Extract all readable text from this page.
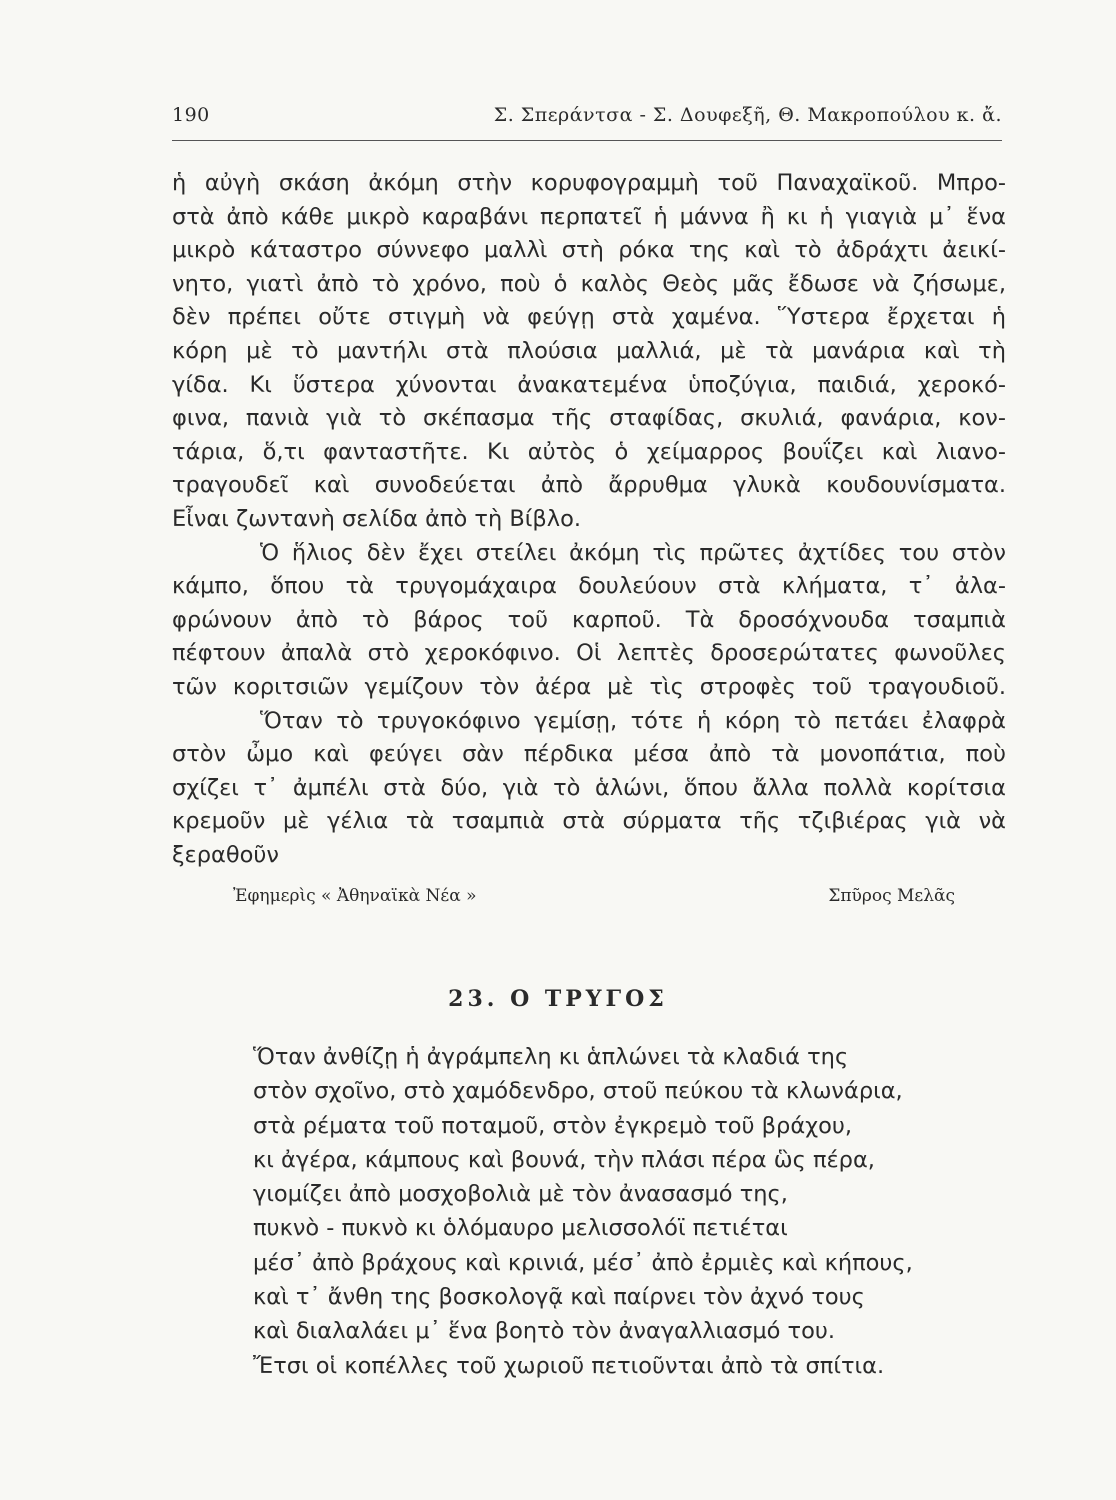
190	Σ. Σπεράντσα - Σ. Δουφεξῆ, Θ. Μακροπούλου κ. ἄ.
ἡ αὐγὴ σκάση ἀκόμη στὴν κορυφογραμμὴ τοῦ Παναχαϊκοῦ. Μπρο-
στὰ ἀπὸ κάθε μικρὸ καραβάνι περπατεῖ ἡ μάννα ἢ κι ἡ γιαγιὰ μ᾿ ἕνα
μικρὸ κάταστρο σύννεφο μαλλὶ στὴ ρόκα της καὶ τὸ ἀδράχτι ἀεικί-
νητο, γιατὶ ἀπὸ τὸ χρόνο, ποὺ ὁ καλὸς Θεὸς μᾶς ἔδωσε νὰ ζήσωμε,
δὲν πρέπει οὔτε στιγμὴ νὰ φεύγῃ στὰ χαμένα. Ὕστερα ἔρχεται ἡ
κόρη μὲ τὸ μαντήλι στὰ πλούσια μαλλιά, μὲ τὰ μανάρια καὶ τὴ
γίδα. Κι ὕστερα χύνονται ἀνακατεμένα ὑποζύγια, παιδιά, χεροκό-
φινα, πανιὰ γιὰ τὸ σκέπασμα τῆς σταφίδας, σκυλιά, φανάρια, κον-
τάρια, ὅ,τι φανταστῆτε. Κι αὐτὸς ὁ χείμαρρος βουΐζει καὶ λιανο-
τραγουδεῖ καὶ συνοδεύεται ἀπὸ ἄρρυθμα γλυκὰ κουδουνίσματα.
Εἶναι ζωντανὴ σελίδα ἀπὸ τὴ Βίβλο.
Ὁ ἥλιος δὲν ἔχει στείλει ἀκόμη τὶς πρῶτες ἀχτίδες του στὸν
κάμπο, ὅπου τὰ τρυγομάχαιρα δουλεύουν στὰ κλήματα, τ᾿ ἀλα-
φρώνουν ἀπὸ τὸ βάρος τοῦ καρποῦ. Τὰ δροσόχνουδα τσαμπιὰ
πέφτουν ἀπαλὰ στὸ χεροκόφινο. Οἱ λεπτὲς δροσερώτατες φωνοῦλες
τῶν κοριτσιῶν γεμίζουν τὸν ἀέρα μὲ τὶς στροφὲς τοῦ τραγουδιοῦ.
Ὅταν τὸ τρυγοκόφινο γεμίσῃ, τότε ἡ κόρη τὸ πετάει ἐλαφρὰ
στὸν ὦμο καὶ φεύγει σὰν πέρδικα μέσα ἀπὸ τὰ μονοπάτια, ποὺ
σχίζει τ᾿ ἀμπέλι στὰ δύο, γιὰ τὸ ἁλώνι, ὅπου ἄλλα πολλὰ κορίτσια
κρεμοῦν μὲ γέλια τὰ τσαμπιὰ στὰ σύρματα τῆς τζιβιέρας γιὰ νὰ
ξεραθοῦν
Ἐφημερὶς « Ἀθηναϊκὰ Νέα »	Σπῦρος Μελᾶς
23. Ο ΤΡΥΓΟΣ
Ὅταν ἀνθίζῃ ἡ ἀγράμπελη κι ἁπλώνει τὰ κλαδιά της
στὸν σχοῖνο, στὸ χαμόδενδρο, στοῦ πεύκου τὰ κλωνάρια,
στὰ ρέματα τοῦ ποταμοῦ, στὸν ἐγκρεμὸ τοῦ βράχου,
κι ἀγέρα, κάμπους καὶ βουνά, τὴν πλάσι πέρα ὣς πέρα,
γιομίζει ἀπὸ μοσχοβολιὰ μὲ τὸν ἀνασασμό της,
πυκνὸ - πυκνὸ κι ὁλόμαυρο μελισσολόϊ πετιέται
μέσ᾿ ἀπὸ βράχους καὶ κρινιά, μέσ᾿ ἀπὸ ἐρμιὲς καὶ κήπους,
καὶ τ᾿ ἄνθη της βοσκολογᾷ καὶ παίρνει τὸν ἀχνό τους
καὶ διαλαλάει μ᾿ ἕνα βοητὸ τὸν ἀναγαλλιασμό του.
Ἔτσι οἱ κοπέλλες τοῦ χωριοῦ πετιοῦνται ἀπὸ τὰ σπίτια.
